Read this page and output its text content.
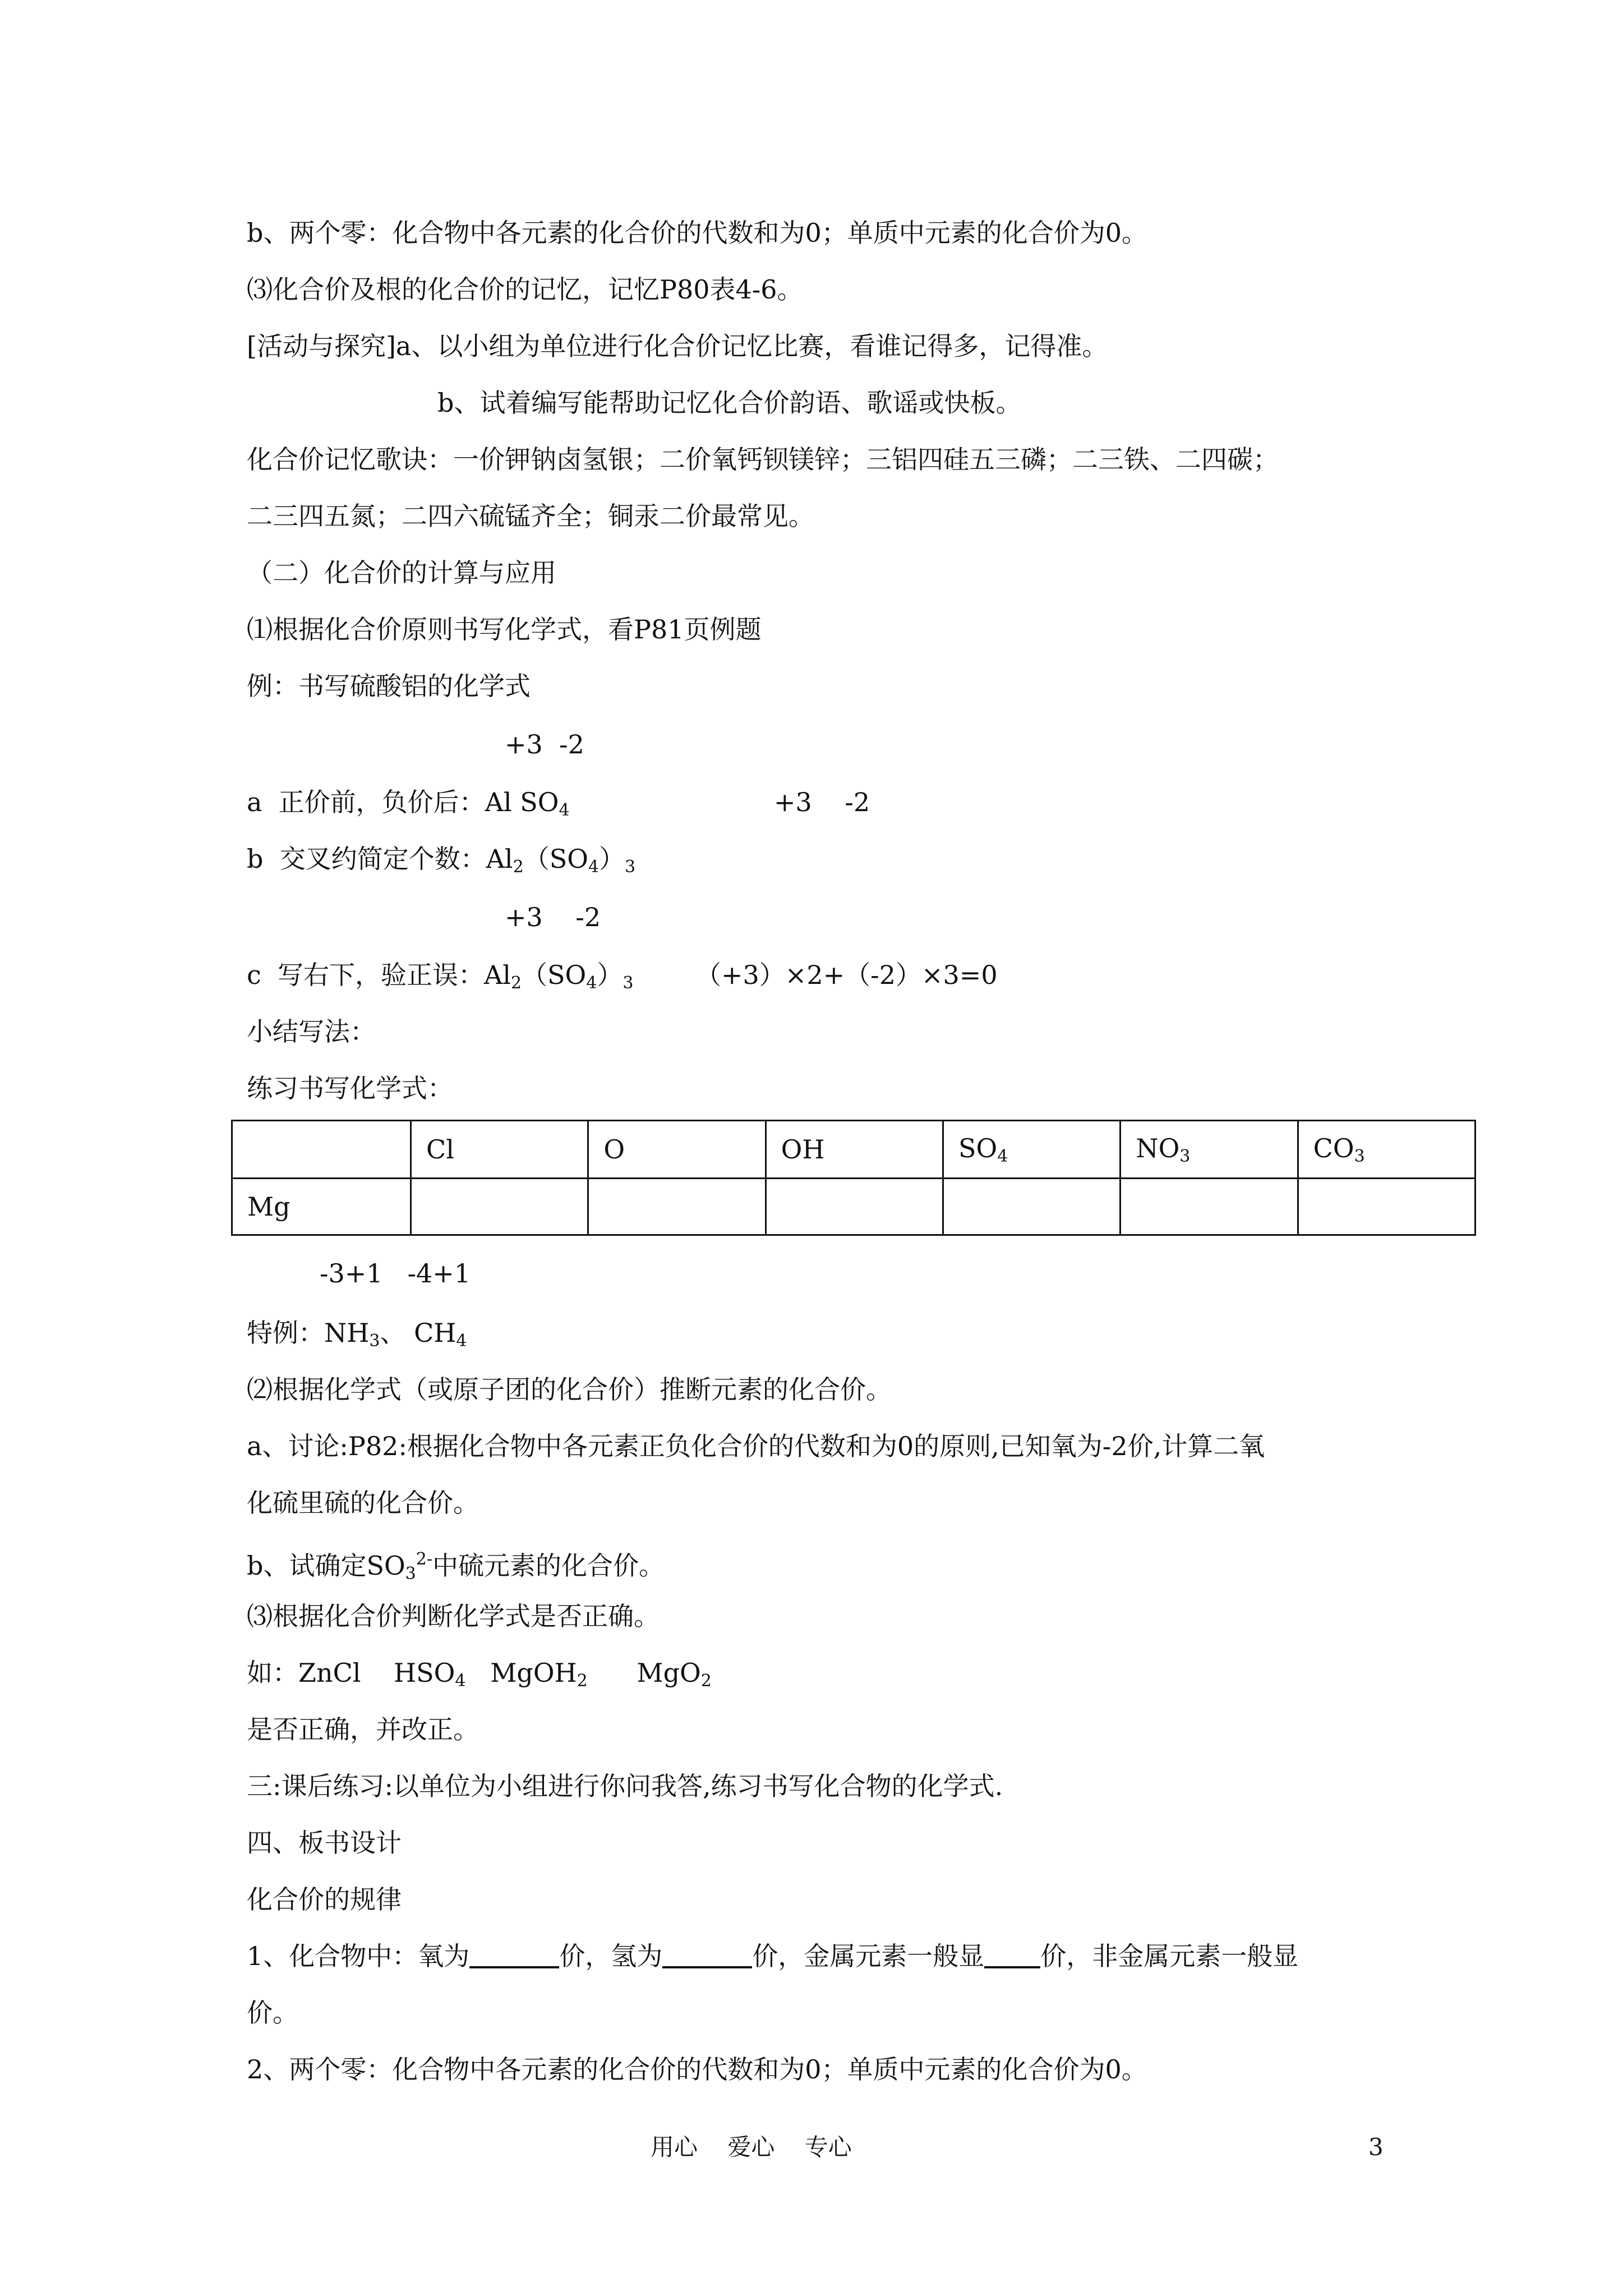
b、两个零：化合物中各元素的化合价的代数和为0；单质中元素的化合价为0。
⑶化合价及根的化合价的记忆，记忆P80表4-6。
[活动与探究]a、以小组为单位进行化合价记忆比赛，看谁记得多，记得准。
b、试着编写能帮助记忆化合价韵语、歌谣或快板。
化合价记忆歌诀：一价钾钠卤氢银；二价氧钙钡镁锌；三铝四硅五三磷；二三铁、二四碳；
二三四五氮；二四六硫锰齐全；铜汞二价最常见。
（二）化合价的计算与应用
⑴根据化合价原则书写化学式，看P81页例题
例：书写硫酸铝的化学式
+3  -2
a  正价前，负价后：Al $SO_4$	+3    -2
b  交叉约简定个数：$Al_2(SO_4)_3$
+3    -2
c  写右下，验正误：$Al_2(SO_4)_3$ （+3）×2+（-2）×3=0
小结写法：
练习书写化学式：
	Cl	O	OH	$SO_4$	$NO_3$	$CO_3$
Mg						
-3+1   -4+1
特例：$NH_3$、 $CH_4$
⑵根据化学式（或原子团的化合价）推断元素的化合价。
a、讨论:P82:根据化合物中各元素正负化合价的代数和为0的原则,已知氧为-2价,计算二氧
化硫里硫的化合价。
b、试确定$SO_3^{2-}$中硫元素的化合价。
⑶根据化合价判断化学式是否正确。
如：ZnCl    $HSO_4$   MgOH$_2$      MgO$_2$
是否正确，并改正。
三:课后练习:以单位为小组进行你问我答,练习书写化合物的化学式.
四、板书设计
化合价的规律
1、化合物中：氧为	价，氢为	价，金属元素一般显 价，非金属元素一般显
价。
2、两个零：化合物中各元素的化合价的代数和为0；单质中元素的化合价为0。
用心    爱心    专心	3
